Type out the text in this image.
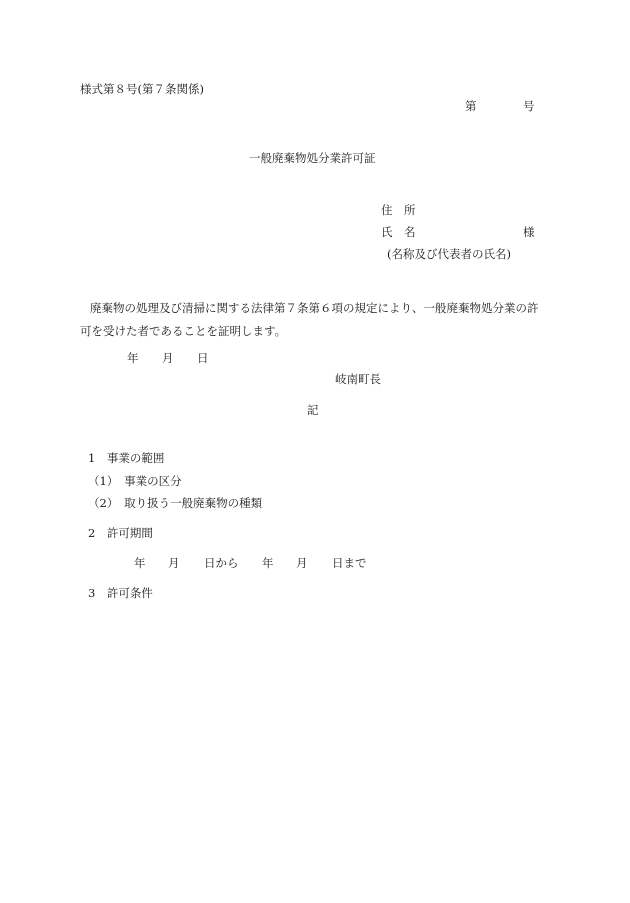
様式第８号(第７条関係)
第	号
一般廃棄物処分業許可証
住　所
氏　名	様
(名称及び代表者の氏名)
廃棄物の処理及び清掃に関する法律第７条第６項の規定により、一般廃棄物処分業の許
可を受けた者であることを証明します。
年 月 日
岐南町長
記
1　事業の範囲
（1）　事業の区分
（2）　取り扱う一般廃棄物の種類
2　許可期間
年 月 日から 年 月 日まで
3　許可条件
